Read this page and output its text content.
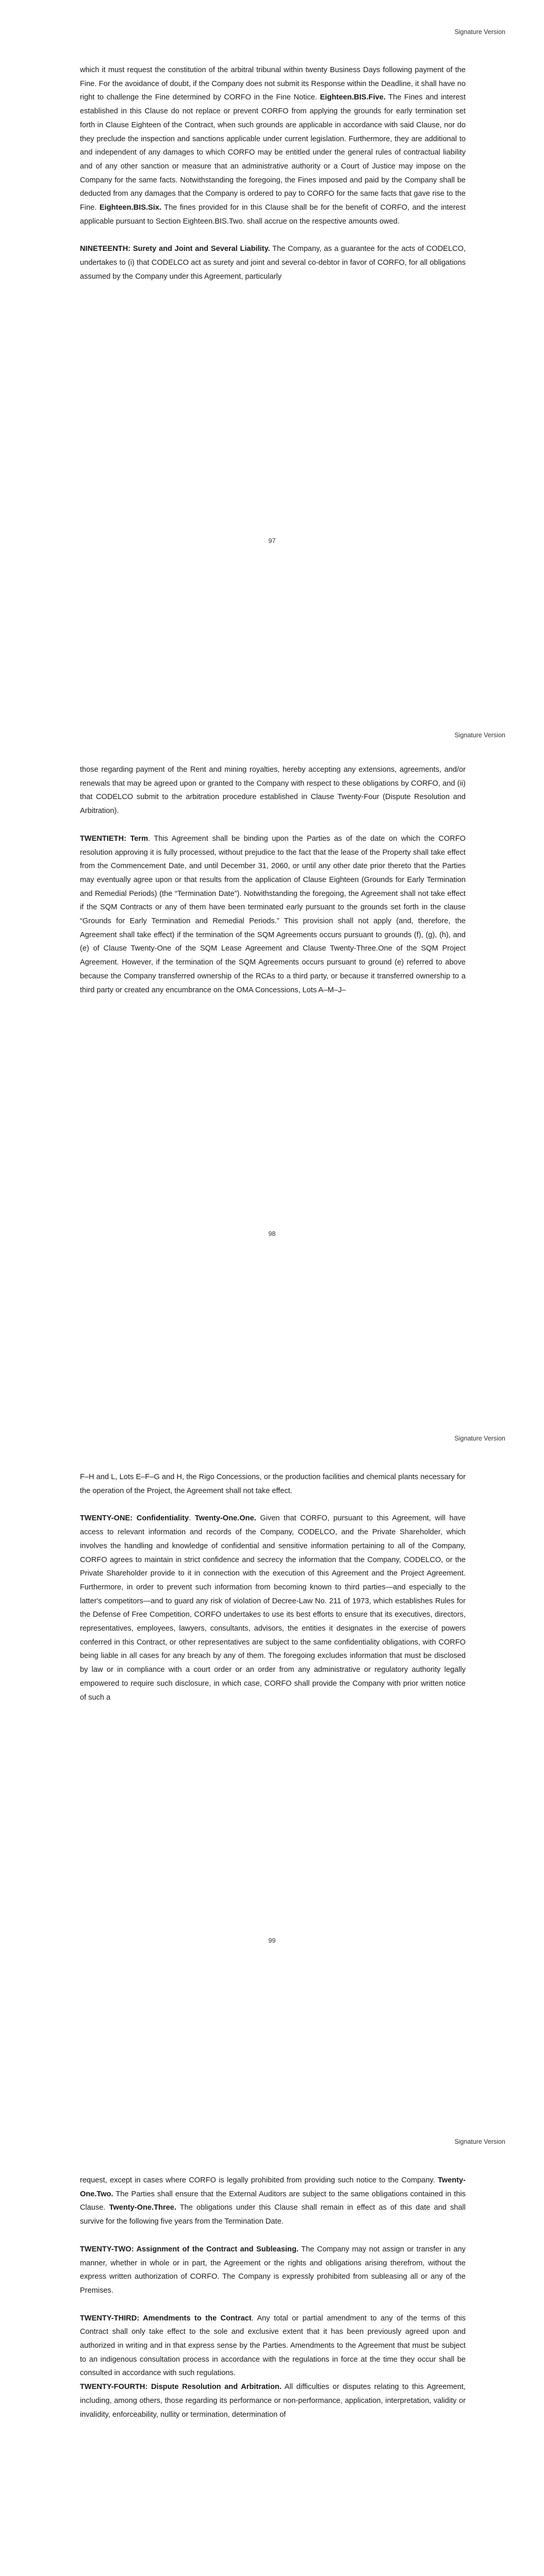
Signature Version

which it must request the constitution of the arbitral tribunal within twenty Business Days following payment of the Fine. For the avoidance of doubt, if the Company does not submit its Response within the Deadline, it shall have no right to challenge the Fine determined by CORFO in the Fine Notice. Eighteen.BIS.Five. The Fines and interest established in this Clause do not replace or prevent CORFO from applying the grounds for early termination set forth in Clause Eighteen of the Contract, when such grounds are applicable in accordance with said Clause, nor do they preclude the inspection and sanctions applicable under current legislation. Furthermore, they are additional to and independent of any damages to which CORFO may be entitled under the general rules of contractual liability and of any other sanction or measure that an administrative authority or a Court of Justice may impose on the Company for the same facts. Notwithstanding the foregoing, the Fines imposed and paid by the Company shall be deducted from any damages that the Company is ordered to pay to CORFO for the same facts that gave rise to the Fine. Eighteen.BIS.Six. The fines provided for in this Clause shall be for the benefit of CORFO, and the interest applicable pursuant to Section Eighteen.BIS.Two. shall accrue on the respective amounts owed.

NINETEENTH: Surety and Joint and Several Liability. The Company, as a guarantee for the acts of CODELCO, undertakes to (i) that CODELCO act as surety and joint and several co-debtor in favor of CORFO, for all obligations assumed by the Company under this Agreement, particularly

97
Signature Version

those regarding payment of the Rent and mining royalties, hereby accepting any extensions, agreements, and/or renewals that may be agreed upon or granted to the Company with respect to these obligations by CORFO, and (ii) that CODELCO submit to the arbitration procedure established in Clause Twenty-Four (Dispute Resolution and Arbitration).

TWENTIETH: Term. This Agreement shall be binding upon the Parties as of the date on which the CORFO resolution approving it is fully processed, without prejudice to the fact that the lease of the Property shall take effect from the Commencement Date, and until December 31, 2060, or until any other date prior thereto that the Parties may eventually agree upon or that results from the application of Clause Eighteen (Grounds for Early Termination and Remedial Periods) (the “Termination Date”). Notwithstanding the foregoing, the Agreement shall not take effect if the SQM Contracts or any of them have been terminated early pursuant to the grounds set forth in the clause “Grounds for Early Termination and Remedial Periods.” This provision shall not apply (and, therefore, the Agreement shall take effect) if the termination of the SQM Agreements occurs pursuant to grounds (f), (g), (h), and (e) of Clause Twenty-One of the SQM Lease Agreement and Clause Twenty-Three.One of the SQM Project Agreement. However, if the termination of the SQM Agreements occurs pursuant to ground (e) referred to above because the Company transferred ownership of the RCAs to a third party, or because it transferred ownership to a third party or created any encumbrance on the OMA Concessions, Lots A–M–J–

98
Signature Version

F–H and L, Lots E–F–G and H, the Rigo Concessions, or the production facilities and chemical plants necessary for the operation of the Project, the Agreement shall not take effect.

TWENTY-ONE: Confidentiality. Twenty-One.One. Given that CORFO, pursuant to this Agreement, will have access to relevant information and records of the Company, CODELCO, and the Private Shareholder, which involves the handling and knowledge of confidential and sensitive information pertaining to all of the Company, CORFO agrees to maintain in strict confidence and secrecy the information that the Company, CODELCO, or the Private Shareholder provide to it in connection with the execution of this Agreement and the Project Agreement. Furthermore, in order to prevent such information from becoming known to third parties—and especially to the latter's competitors—and to guard any risk of violation of Decree-Law No. 211 of 1973, which establishes Rules for the Defense of Free Competition, CORFO undertakes to use its best efforts to ensure that its executives, directors, representatives, employees, lawyers, consultants, advisors, the entities it designates in the exercise of powers conferred in this Contract, or other representatives are subject to the same confidentiality obligations, with CORFO being liable in all cases for any breach by any of them. The foregoing excludes information that must be disclosed by law or in compliance with a court order or an order from any administrative or regulatory authority legally empowered to require such disclosure, in which case, CORFO shall provide the Company with prior written notice of such a

99
Signature Version

request, except in cases where CORFO is legally prohibited from providing such notice to the Company. Twenty-One.Two. The Parties shall ensure that the External Auditors are subject to the same obligations contained in this Clause. Twenty-One.Three. The obligations under this Clause shall remain in effect as of this date and shall survive for the following five years from the Termination Date.

TWENTY-TWO: Assignment of the Contract and Subleasing. The Company may not assign or transfer in any manner, whether in whole or in part, the Agreement or the rights and obligations arising therefrom, without the express written authorization of CORFO. The Company is expressly prohibited from subleasing all or any of the Premises.

TWENTY-THIRD: Amendments to the Contract. Any total or partial amendment to any of the terms of this Contract shall only take effect to the sole and exclusive extent that it has been previously agreed upon and authorized in writing and in that express sense by the Parties. Amendments to the Agreement that must be subject to an indigenous consultation process in accordance with the regulations in force at the time they occur shall be consulted in accordance with such regulations.

TWENTY-FOURTH: Dispute Resolution and Arbitration. All difficulties or disputes relating to this Agreement, including, among others, those regarding its performance or non-performance, application, interpretation, validity or invalidity, enforceability, nullity or termination, determination of
